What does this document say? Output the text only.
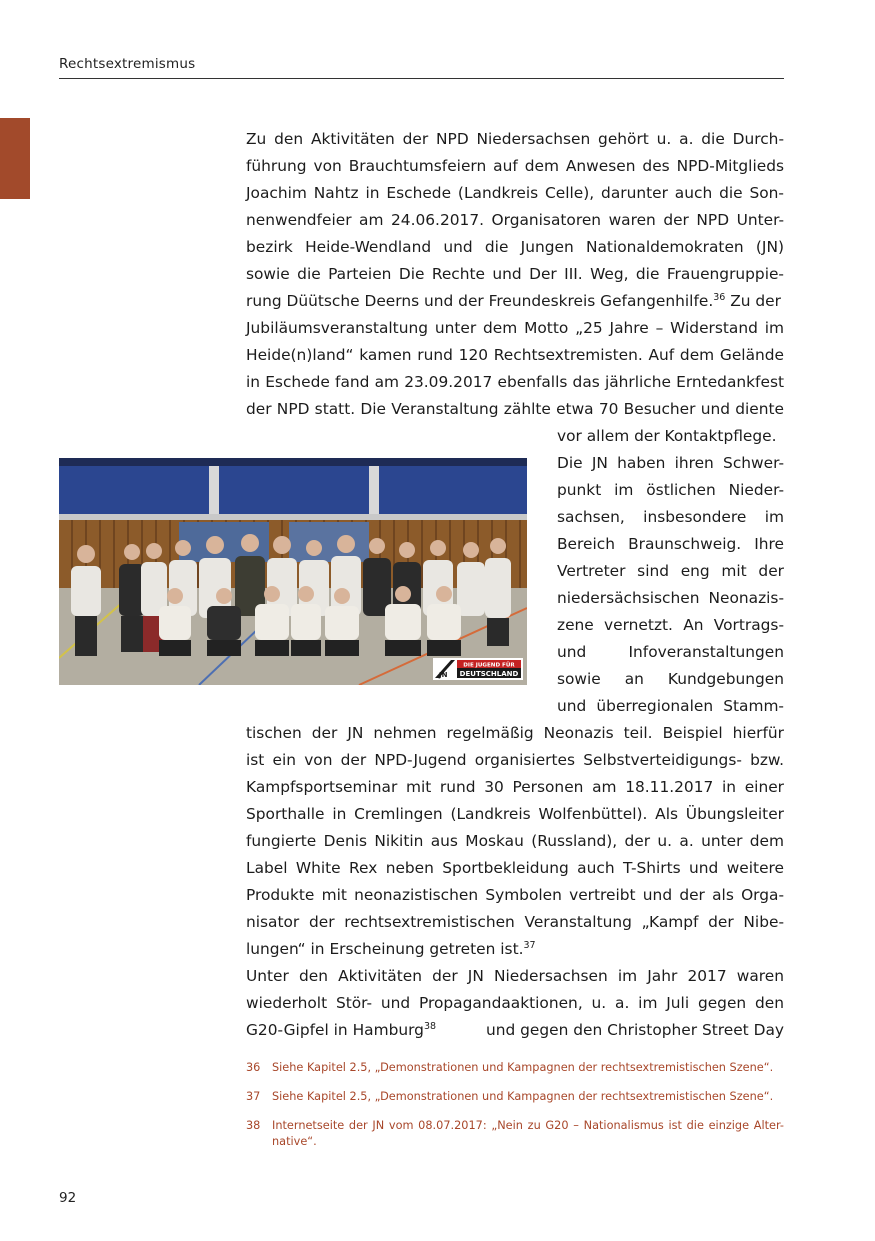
Rechtsextremismus
Zu den Aktivitäten der NPD Niedersachsen gehört u. a. die Durch-
führung von Brauchtumsfeiern auf dem Anwesen des NPD-Mitglieds
Joachim Nahtz in Eschede (Landkreis Celle), darunter auch die Son-
nenwendfeier am 24.06.2017. Organisatoren waren der NPD Unter-
bezirk Heide-Wendland und die Jungen Nationaldemokraten (JN)
sowie die Parteien Die Rechte und Der III. Weg, die Frauengruppie-
rung Düütsche Deerns und der Freundeskreis Gefangenhilfe.$^{36}$ Zu der
Jubiläumsveranstaltung unter dem Motto „25 Jahre – Widerstand im
Heide(n)land“ kamen rund 120 Rechtsextremisten. Auf dem Gelände
in Eschede fand am 23.09.2017 ebenfalls das jährliche Erntedankfest
der NPD statt. Die Veranstaltung zählte etwa 70 Besucher und diente
vor allem der Kontaktpflege.
JN
DIE JUGEND FÜR
DEUTSCHLAND
Die JN haben ihren Schwer-
punkt im östlichen Nieder-
sachsen, insbesondere im
Bereich Braunschweig. Ihre
Vertreter sind eng mit der
niedersächsischen Neonazis-
zene vernetzt. An Vortrags-
und Infoveranstaltungen
sowie an Kundgebungen
und überregionalen Stamm-
tischen der JN nehmen regelmäßig Neonazis teil. Beispiel hierfür
ist ein von der NPD-Jugend organisiertes Selbstverteidigungs- bzw.
Kampfsportseminar mit rund 30 Personen am 18.11.2017 in einer
Sporthalle in Cremlingen (Landkreis Wolfenbüttel). Als Übungsleiter
fungierte Denis Nikitin aus Moskau (Russland), der u. a. unter dem
Label White Rex neben Sportbekleidung auch T-Shirts und weitere
Produkte mit neonazistischen Symbolen vertreibt und der als Orga-
nisator der rechtsextremistischen Veranstaltung „Kampf der Nibe-
lungen“ in Erscheinung getreten ist.$^{37}$
Unter den Aktivitäten der JN Niedersachsen im Jahr 2017 waren
wiederholt Stör- und Propagandaaktionen, u. a. im Juli gegen den
G20-Gipfel in Hamburg$^{38}$	und gegen den Christopher Street Day
36	Siehe Kapitel 2.5, „Demonstrationen und Kampagnen der rechtsextremistischen Szene“.
37	Siehe Kapitel 2.5, „Demonstrationen und Kampagnen der rechtsextremistischen Szene“.
38	Internetseite der JN vom 08.07.2017: „Nein zu G20 – Nationalismus ist die einzige Alter-native“.
92
